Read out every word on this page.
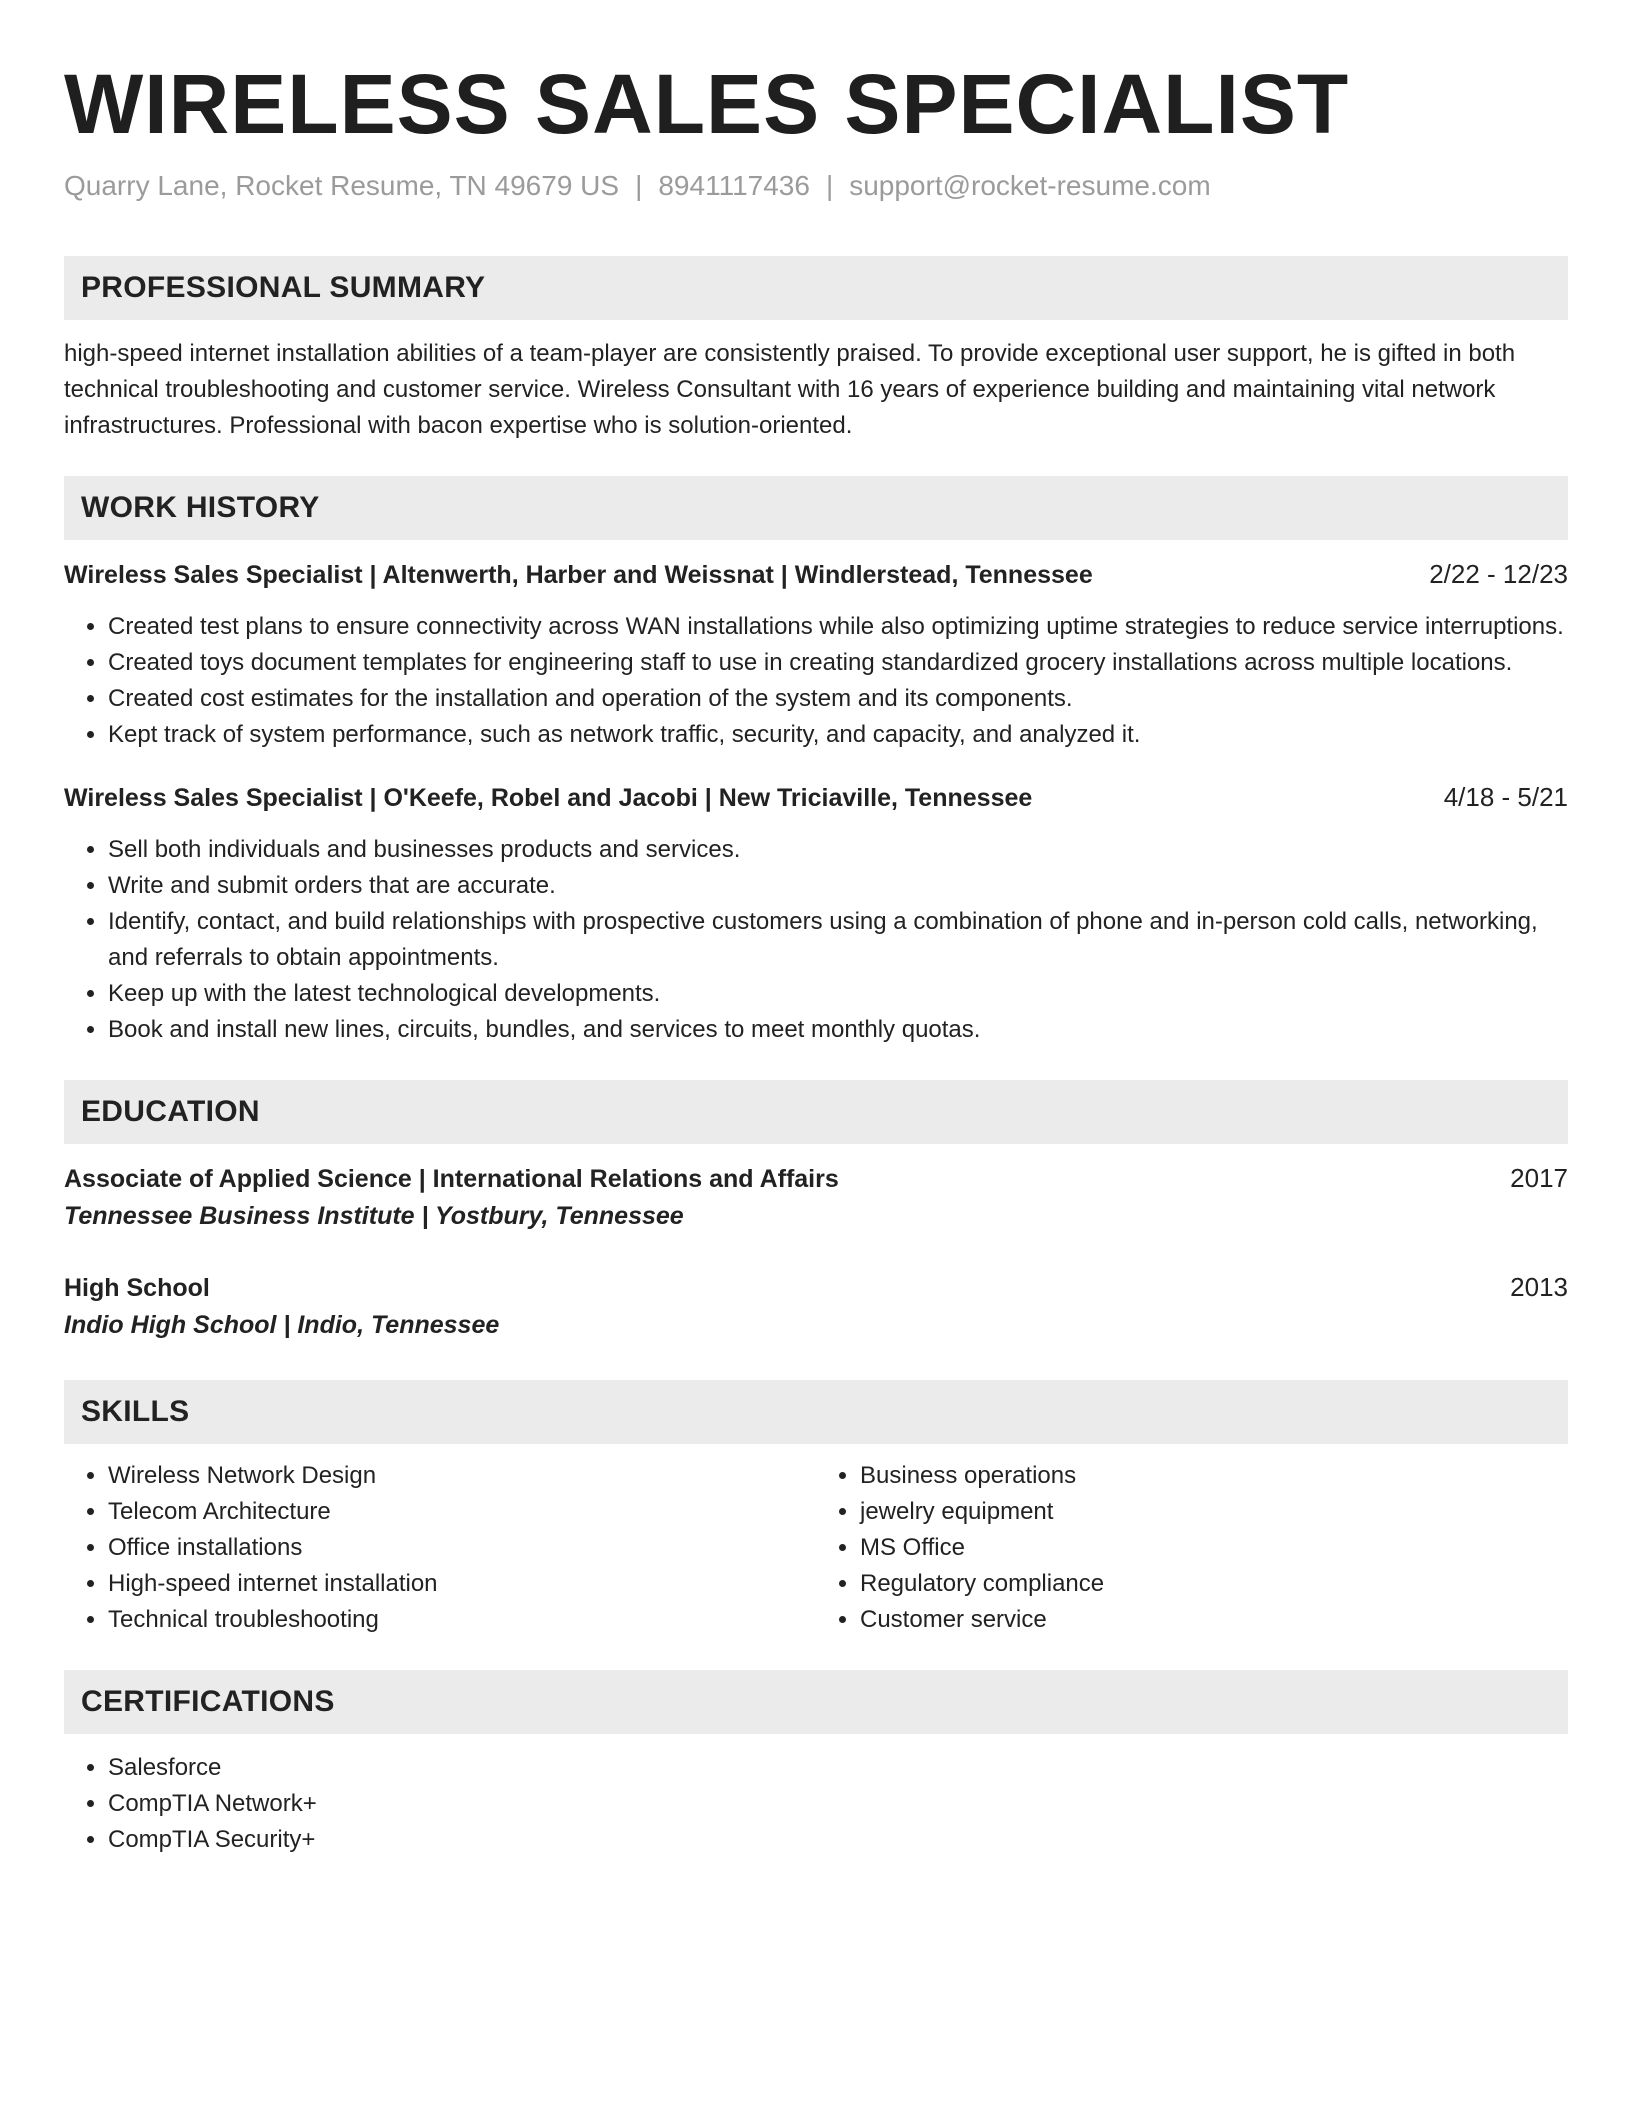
WIRELESS SALES SPECIALIST
Quarry Lane, Rocket Resume, TN 49679 US | 8941117436 | support@rocket-resume.com
PROFESSIONAL SUMMARY
high-speed internet installation abilities of a team-player are consistently praised. To provide exceptional user support, he is gifted in both technical troubleshooting and customer service. Wireless Consultant with 16 years of experience building and maintaining vital network infrastructures. Professional with bacon expertise who is solution-oriented.
WORK HISTORY
Wireless Sales Specialist | Altenwerth, Harber and Weissnat | Windlerstead, Tennessee	2/22 - 12/23
• Created test plans to ensure connectivity across WAN installations while also optimizing uptime strategies to reduce service interruptions.
• Created toys document templates for engineering staff to use in creating standardized grocery installations across multiple locations.
• Created cost estimates for the installation and operation of the system and its components.
• Kept track of system performance, such as network traffic, security, and capacity, and analyzed it.
Wireless Sales Specialist | O'Keefe, Robel and Jacobi | New Triciaville, Tennessee	4/18 - 5/21
• Sell both individuals and businesses products and services.
• Write and submit orders that are accurate.
• Identify, contact, and build relationships with prospective customers using a combination of phone and in-person cold calls, networking, and referrals to obtain appointments.
• Keep up with the latest technological developments.
• Book and install new lines, circuits, bundles, and services to meet monthly quotas.
EDUCATION
Associate of Applied Science | International Relations and Affairs	2017
Tennessee Business Institute | Yostbury, Tennessee
High School	2013
Indio High School | Indio, Tennessee
SKILLS
• Wireless Network Design
• Telecom Architecture
• Office installations
• High-speed internet installation
• Technical troubleshooting
• Business operations
• jewelry equipment
• MS Office
• Regulatory compliance
• Customer service
CERTIFICATIONS
• Salesforce
• CompTIA Network+
• CompTIA Security+
